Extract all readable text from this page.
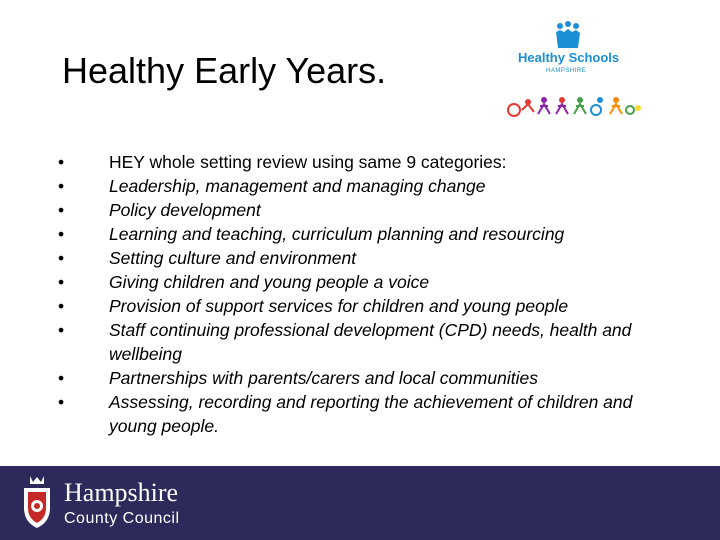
Healthy Early Years.	Healthy Schools
HAMPSHIRE
•	HEY whole setting review using same 9 categories:
•	Leadership, management and managing change
•	Policy development
•	Learning and teaching, curriculum planning and resourcing
•	Setting culture and environment
•	Giving children and young people a voice
•	Provision of support services for children and young people
•	Staff continuing professional development (CPD) needs, health and wellbeing
•	Partnerships with parents/carers and local communities
•	Assessing, recording and reporting the achievement of children and young people.
Hampshire
County Council
